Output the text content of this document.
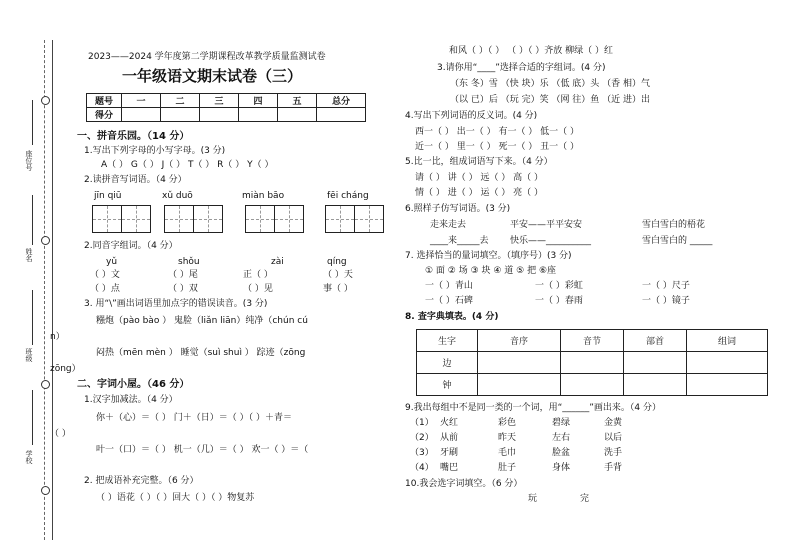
座位号
姓名
班级
学校
2023——2024 学年度第二学期课程改革教学质量监测试卷
一年级语文期末试卷（三）
题号	一	二	三	四	五	总分
得分						
一、拼音乐园。（14 分）
1.写出下列字母的小写字母。(3 分)
A（ ） G（ ） J（ ） T（ ） R（ ） Y（ ）
2.读拼音写词语。（4 分）
jīn qiū	xǔ duō	miàn bāo	fēi cháng
2.同音字组词。（4 分）
yǔ	shǒu	zài	qíng
（ ）文	（ ）尾	正（ ）	（ ）天
（ ）点	（ ）双	（ ）见	事（ ）
3. 用“\”画出词语里加点字的错误读音。(3 分)
糨炮（pào bào ） 鬼脸（liǎn liān）纯净（chún cú
n）
闷热（mēn mèn ） 睡觉（suì shuì ） 踪迹（zōng
zōng）
二、字词小屋。（46 分）
1.汉字加减法。（4 分）
你＋（心）＝（ ） 门＋（日）＝（ ）（ ）＋青＝
（ ）
叶一（口）＝（ ） 机一（几）＝（ ） 欢一（ ）＝（
2. 把成语补充完整。（6 分）
（ ）语花（ ）（ ）回大（ ）（ ）物复苏
和风（ ）（ ） （ ）（ ）齐放 柳绿（ ）红
3.请你用“____”选择合适的字组词。(4 分)
（东 冬）雪 （快 块）乐 （低 底）头 （香 相）气
（以 已）后 （玩 完）笑 （网 往）鱼 （近 进）出
4.写出下列词语的反义词。(4 分)
西一（ ） 出一（ ） 有一（ ） 低一（ ）
近一（ ） 里一（ ） 死一（ ） 丑一（ ）
5.比一比，组成词语写下来。（4 分）
请（ ） 讲（ ） 远（ ） 高（ ）
情（ ） 进（ ） 运（ ） 亮（ ）
6.照样子仿写词语。(3 分)
走来走去	平安——平平安安	雪白雪白的梧花
____来_____去 快乐——__________	雪白雪白的 _____
7. 选择恰当的量词填空。（填序号）(3 分)
① 面 ② 场 ③ 块 ④ 道 ⑤ 把 ⑥座
一（ ）青山	一（ ）彩虹	一（ ）尺子
一（ ）石碑	一（ ）春雨	一（ ）镜子
8. 查字典填表。(4 分)
生字	音序	音节	部首	组词
边				
钟				
9.我出每组中不是同一类的一个词，用“______”画出来。（4 分）
（1） 火红	彩色	碧绿	金黄
（2） 从前	昨天	左右	以后
（3） 牙刷	毛巾	脸盆	洗手
（4） 嘴巴	肚子	身体	手背
10.我会选字词填空。（6 分）
玩	完
